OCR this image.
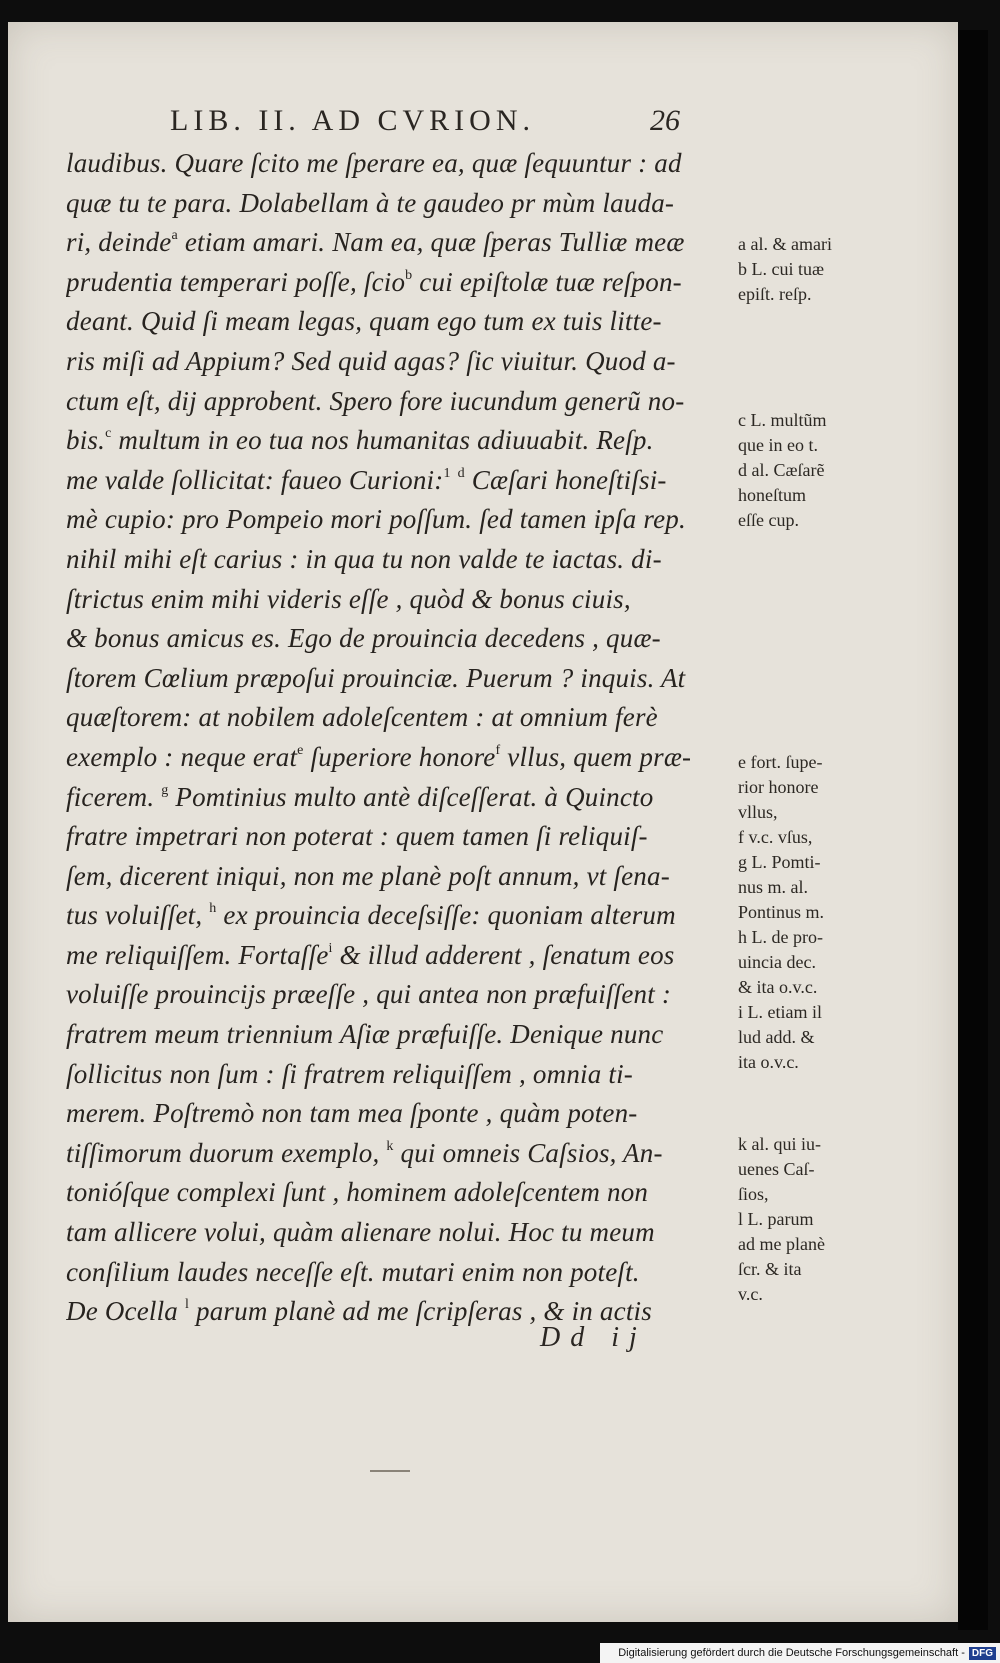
LIB. II. AD CVRION.	26
laudibus. Quare ſcito me ſperare ea, quæ ſequuntur : ad
quæ tu te para. Dolabellam à te gaudeo pr mùm lauda-
ri, deinde$^a$ etiam amari. Nam ea, quæ ſperas Tulliæ meæ
prudentia temperari poſſe, ſcio$^b$ cui epiſtolæ tuæ reſpon-
deant. Quid ſi meam legas, quam ego tum ex tuis litte-
ris miſi ad Appium? Sed quid agas? ſic viuitur. Quod a-
ctum eſt, dij approbent. Spero fore iucundum generũ no-
bis.$^c$ multum in eo tua nos humanitas adiuuabit. Reſp.
me valde ſollicitat: faueo Curioni:$^1$ $^d$ Cæſari honeſtiſsi-
mè cupio: pro Pompeio mori poſſum. ſed tamen ipſa rep.
nihil mihi eſt carius : in qua tu non valde te iactas. di-
ſtrictus enim mihi videris eſſe , quòd & bonus ciuis,
& bonus amicus es. Ego de prouincia decedens , quæ-
ſtorem Cœlium præpoſui prouinciæ. Puerum ? inquis. At
quæſtorem: at nobilem adoleſcentem : at omnium ferè
exemplo : neque erat$^e$ ſuperiore honore$^f$ vllus, quem præ-
ficerem. $^g$ Pomtinius multo antè diſceſſerat. à Quincto
fratre impetrari non poterat : quem tamen ſi reliquiſ-
ſem, dicerent iniqui, non me planè poſt annum, vt ſena-
tus voluiſſet, $^h$ ex prouincia deceſsiſſe: quoniam alterum
me reliquiſſem. Fortaſſe$^i$ & illud adderent , ſenatum eos
voluiſſe prouincijs præeſſe , qui antea non præfuiſſent :
fratrem meum triennium Aſiæ præfuiſſe. Denique nunc
ſollicitus non ſum : ſi fratrem reliquiſſem , omnia ti-
merem. Poſtremò non tam mea ſponte , quàm poten-
tiſſimorum duorum exemplo, $^k$ qui omneis Caſsios, An-
tonióſque complexi ſunt , hominem adoleſcentem non
tam allicere volui, quàm alienare nolui. Hoc tu meum
conſilium laudes neceſſe eſt. mutari enim non poteſt.
De Ocella $^l$ parum planè ad me ſcripſeras , & in actis
a al. & amari
b L. cui tuæ
epiſt. reſp.
c L. multũm
que in eo t.
d al. Cæſarẽ
honeſtum
eſſe cup.
e fort. ſupe-
rior honore
vllus,
f v.c. vſus,
g L. Pomti-
nus m. al.
Pontinus m.
h L. de pro-
uincia dec.
& ita o.v.c.
i L. etiam il
lud add. &
ita o.v.c.
k al. qui iu-
uenes Caſ-
ſios,
l L. parum
ad me planè
ſcr. & ita
v.c.
Dd ij
Digitalisierung gefördert durch die Deutsche Forschungsgemeinschaft - DFG
